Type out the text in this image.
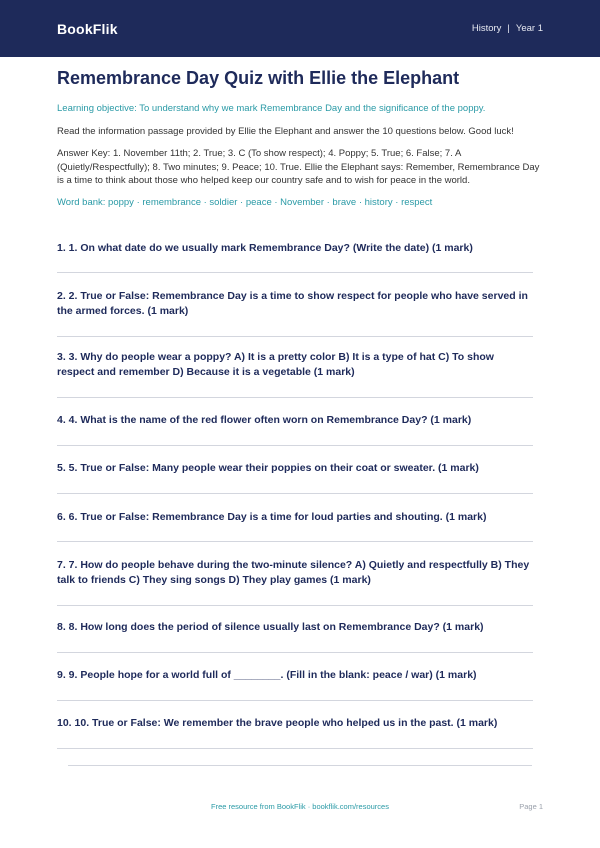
BookFlik	History | Year 1
Remembrance Day Quiz with Ellie the Elephant
Learning objective: To understand why we mark Remembrance Day and the significance of the poppy.
Read the information passage provided by Ellie the Elephant and answer the 10 questions below. Good luck!
Answer Key: 1. November 11th; 2. True; 3. C (To show respect); 4. Poppy; 5. True; 6. False; 7. A (Quietly/Respectfully); 8. Two minutes; 9. Peace; 10. True. Ellie the Elephant says: Remember, Remembrance Day is a time to think about those who helped keep our country safe and to wish for peace in the world.
Word bank: poppy · remembrance · soldier · peace · November · brave · history · respect
1. 1. On what date do we usually mark Remembrance Day? (Write the date) (1 mark)
2. 2. True or False: Remembrance Day is a time to show respect for people who have served in the armed forces. (1 mark)
3. 3. Why do people wear a poppy? A) It is a pretty color B) It is a type of hat C) To show respect and remember D) Because it is a vegetable (1 mark)
4. 4. What is the name of the red flower often worn on Remembrance Day? (1 mark)
5. 5. True or False: Many people wear their poppies on their coat or sweater. (1 mark)
6. 6. True or False: Remembrance Day is a time for loud parties and shouting. (1 mark)
7. 7. How do people behave during the two-minute silence? A) Quietly and respectfully B) They talk to friends C) They sing songs D) They play games (1 mark)
8. 8. How long does the period of silence usually last on Remembrance Day? (1 mark)
9. 9. People hope for a world full of ________. (Fill in the blank: peace / war) (1 mark)
10. 10. True or False: We remember the brave people who helped us in the past. (1 mark)
Free resource from BookFlik · bookflik.com/resources	Page 1
